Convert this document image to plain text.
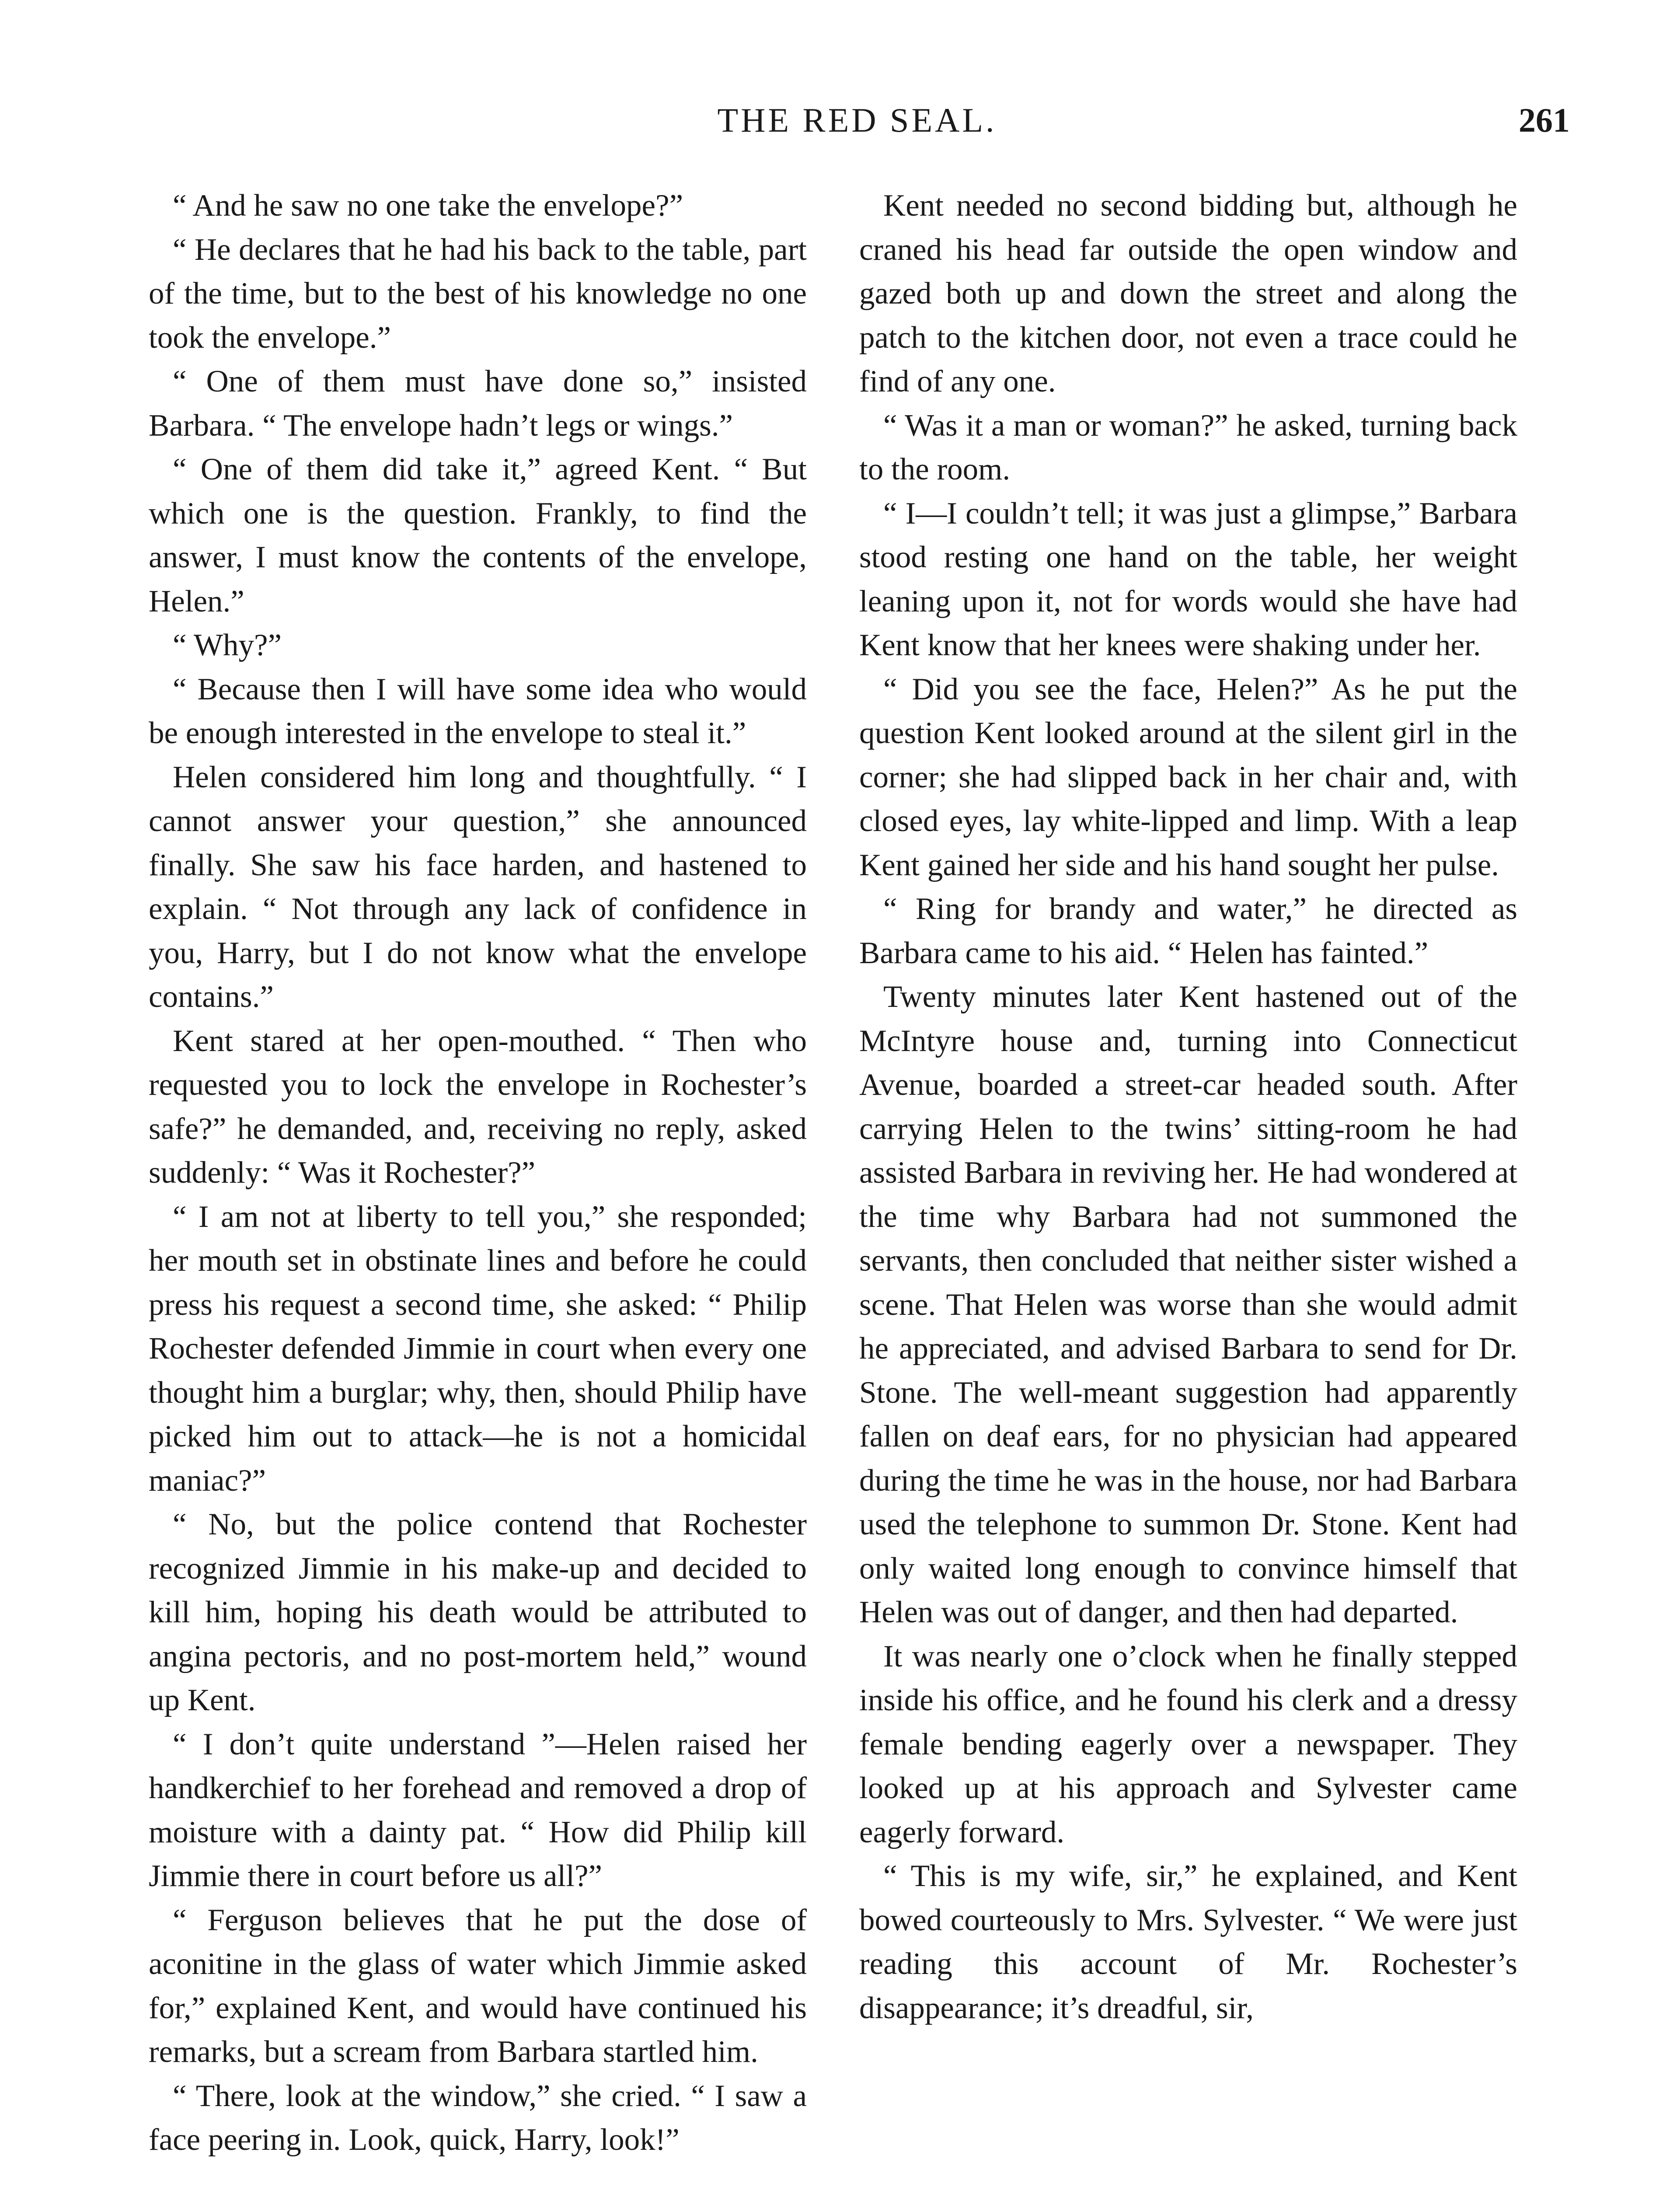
THE RED SEAL.	261

“ And he saw no one take the envelope?”

“ He declares that he had his back to the table, part of the time, but to the best of his knowledge no one took the envelope.”

“ One of them must have done so,” insisted Barbara. “ The envelope hadn’t legs or wings.”

“ One of them did take it,” agreed Kent. “ But which one is the question. Frankly, to find the answer, I must know the contents of the envelope, Helen.”

“ Why?”

“ Because then I will have some idea who would be enough interested in the envelope to steal it.”

Helen considered him long and thoughtfully. “ I cannot answer your question,” she announced finally. She saw his face harden, and hastened to explain. “ Not through any lack of confidence in you, Harry, but I do not know what the envelope contains.”

Kent stared at her open-mouthed. “ Then who requested you to lock the envelope in Rochester’s safe?” he demanded, and, receiving no reply, asked suddenly: “ Was it Rochester?”

“ I am not at liberty to tell you,” she responded; her mouth set in obstinate lines and before he could press his request a second time, she asked: “ Philip Rochester defended Jimmie in court when every one thought him a burglar; why, then, should Philip have picked him out to attack—he is not a homicidal maniac?”

“ No, but the police contend that Rochester recognized Jimmie in his make-up and decided to kill him, hoping his death would be attributed to angina pectoris, and no post-mortem held,” wound up Kent.

“ I don’t quite understand ”—Helen raised her handkerchief to her forehead and removed a drop of moisture with a dainty pat. “ How did Philip kill Jimmie there in court before us all?”

“ Ferguson believes that he put the dose of aconitine in the glass of water which Jimmie asked for,” explained Kent, and would have continued his remarks, but a scream from Barbara startled him.

“ There, look at the window,” she cried. “ I saw a face peering in. Look, quick, Harry, look!”

Kent needed no second bidding but, although he craned his head far outside the open window and gazed both up and down the street and along the patch to the kitchen door, not even a trace could he find of any one.

“ Was it a man or woman?” he asked, turning back to the room.

“ I—I couldn’t tell; it was just a glimpse,” Barbara stood resting one hand on the table, her weight leaning upon it, not for words would she have had Kent know that her knees were shaking under her.

“ Did you see the face, Helen?” As he put the question Kent looked around at the silent girl in the corner; she had slipped back in her chair and, with closed eyes, lay white-lipped and limp. With a leap Kent gained her side and his hand sought her pulse.

“ Ring for brandy and water,” he directed as Barbara came to his aid. “ Helen has fainted.”

Twenty minutes later Kent hastened out of the McIntyre house and, turning into Connecticut Avenue, boarded a street-car headed south. After carrying Helen to the twins’ sitting-room he had assisted Barbara in reviving her. He had wondered at the time why Barbara had not summoned the servants, then concluded that neither sister wished a scene. That Helen was worse than she would admit he appreciated, and advised Barbara to send for Dr. Stone. The well-meant suggestion had apparently fallen on deaf ears, for no physician had appeared during the time he was in the house, nor had Barbara used the telephone to summon Dr. Stone. Kent had only waited long enough to convince himself that Helen was out of danger, and then had departed.

It was nearly one o’clock when he finally stepped inside his office, and he found his clerk and a dressy female bending eagerly over a newspaper. They looked up at his approach and Sylvester came eagerly forward.

“ This is my wife, sir,” he explained, and Kent bowed courteously to Mrs. Sylvester. “ We were just reading this account of Mr. Rochester’s disappearance; it’s dreadful, sir,
